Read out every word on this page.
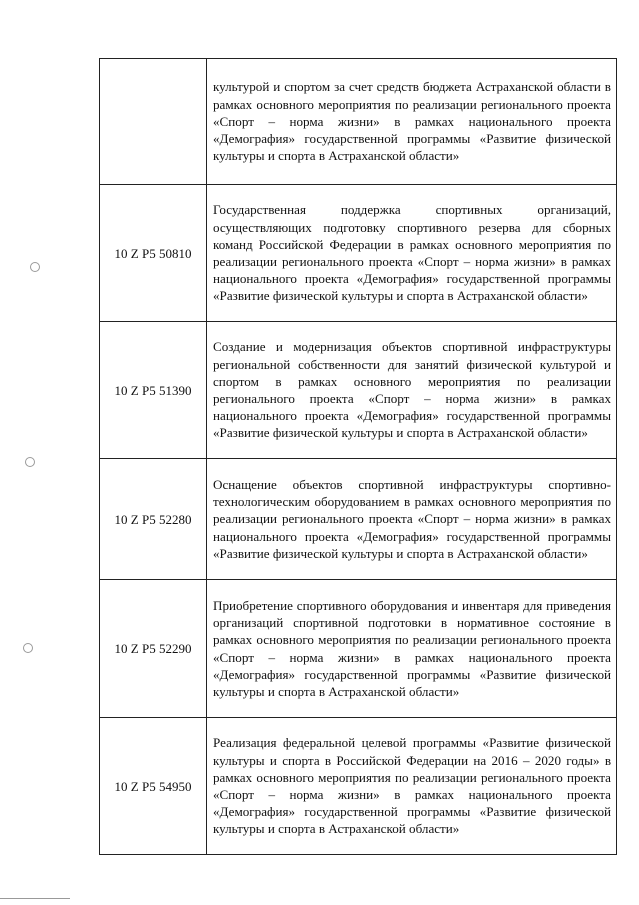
	культурой и спортом за счет средств бюджета Астраханской области в рамках основного мероприятия по реализации регионального проекта «Спорт – норма жизни» в рамках национального проекта «Демография» государственной программы «Развитие физической культуры и спорта в Астраханской области»
10 Z P5 50810	Государственная поддержка спортивных организаций, осуществляющих подготовку спортивного резерва для сборных команд Российской Федерации в рамках основного мероприятия по реализации регионального проекта «Спорт – норма жизни» в рамках национального проекта «Демография» государственной программы «Развитие физической культуры и спорта в Астраханской области»
10 Z P5 51390	Создание и модернизация объектов спортивной инфраструктуры региональной собственности для занятий физической культурой и спортом в рамках основного мероприятия по реализации регионального проекта «Спорт – норма жизни» в рамках национального проекта «Демография» государственной программы «Развитие физической культуры и спорта в Астраханской области»
10 Z P5 52280	Оснащение объектов спортивной инфраструктуры спортивно-технологическим оборудованием в рамках основного мероприятия по реализации регионального проекта «Спорт – норма жизни» в рамках национального проекта «Демография» государственной программы «Развитие физической культуры и спорта в Астраханской области»
10 Z P5 52290	Приобретение спортивного оборудования и инвентаря для приведения организаций спортивной подготовки в нормативное состояние в рамках основного мероприятия по реализации регионального проекта «Спорт – норма жизни» в рамках национального проекта «Демография» государственной программы «Развитие физической культуры и спорта в Астраханской области»
10 Z P5 54950	Реализация федеральной целевой программы «Развитие физической культуры и спорта в Российской Федерации на 2016 – 2020 годы» в рамках основного мероприятия по реализации регионального проекта «Спорт – норма жизни» в рамках национального проекта «Демография» государственной программы «Развитие физической культуры и спорта в Астраханской области»
